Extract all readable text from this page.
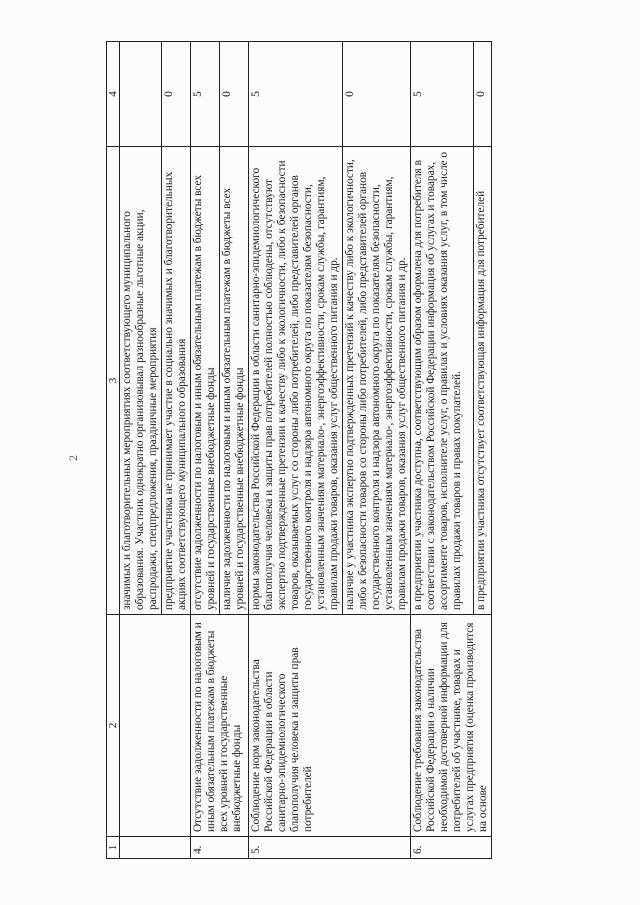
2
1	2	3	4
		значимых и благотворительных мероприятиях соответствующего муниципального образования. Участник однократно организовывал разнообразные льготные акции, распродажи, спецпредложения, праздничные мероприятия	
		предприятие участника не принимает участие в социально значимых и благотворительных акциях соответствующего муниципального образования	0
4.	Отсутствие задолженности по налоговым и иным обязательным платежам в бюджеты всех уровней и государственные внебюджетные фонды	отсутствие задолженности по налоговым и иным обязательным платежам в бюджеты всех уровней и государственные внебюджетные фонды	5
		наличие задолженности по налоговым и иным обязательным платежам в бюджеты всех уровней и государственные внебюджетные фонды	0
5.	Соблюдение норм законодательства Российской Федерации в области санитарно-эпидемиологического благополучия человека и защиты прав потребителей	нормы законодательства Российской Федерации в области санитарно-эпидемиологического благополучия человека и защиты прав потребителей полностью соблюдены, отсутствуют экспертно подтвержденные претензии к качеству либо к экологичности, либо к безопасности товаров, оказываемых услуг со стороны либо потребителей, либо представителей органов государственного контроля и надзора автономного округа по показателям безопасности, установленным значениям материало-, энергоэффективности, срокам службы, гарантиям, правилам продажи товаров, оказания услуг общественного питания и др.	5
		наличие у участника экспертно подтвержденных претензий к качеству либо к экологичности, либо к безопасности товаров со стороны либо потребителей, либо представителей органов государственного контроля и надзора автономного округа по показателям безопасности, установленным значениям материало-, энергоэффективности, срокам службы, гарантиям, правилам продажи товаров, оказания услуг общественного питания и др.	0
6.	Соблюдение требования законодательства Российской Федерации о наличии необходимой достоверной информации для потребителей об участнике, товарах и услугах предприятия (оценка производится на основе	в предприятии участника доступна, соответствующим образом оформлена для потребителя в соответствии с законодательством Российской Федерации информация об услугах и товарах, ассортименте товаров, исполнителе услуг, о правилах и условиях оказания услуг, в том числе о правилах продажи товаров и правах покупателей.	5
		в предприятии участника отсутствует соответствующая информация для потребителей	0
